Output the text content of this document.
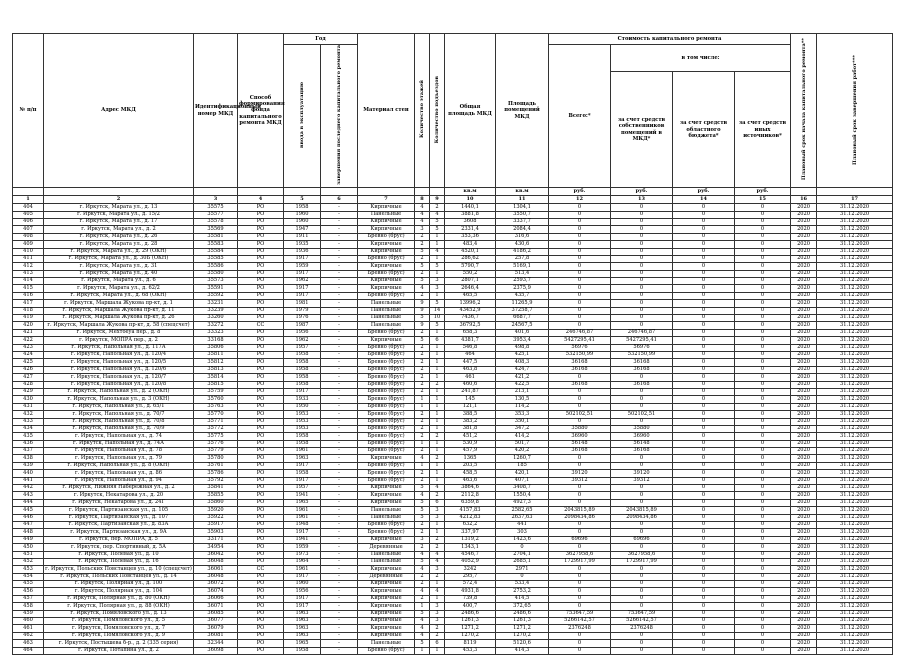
№ п/п	Адрес МКД	Идентификационный номер МКД	Способ формирования фонда капитального ремонта МКД	Год		Материал стен	Количество этажей	Количество подъездов	Общая площадь МКД	Площадь помещений МКД	Стоимость капитального ремонта				Плановый срок начала капитального ремонта**	Плановый срок завершения работ***
				ввода в эксплуатацию	завершения последнего капитального ремонта						Всего:*	в том числе:				
												за счет средств собственников помещений в МКД*	за счет средств областного бюджета*	за счет средств иных источников*		
									кв.м	кв.м	руб.	руб.	руб.	руб.		
1	2	3	4	5	6	7	8	9	10	11	12	13	14	15	16	17
404	г. Иркутск, Марата ул., д. 13	35575	РО	1958	-	Кирпичные	4	2	1440,1	1304,1	0	0	0	0	2020	31.12.2020
405	г. Иркутск, Марата ул., д. 15/2	35577	РО	1960	-	Панельные	4	4	3881,8	3550,7	0	0	0	0	2020	31.12.2020
406	г. Иркутск, Марата ул., д. 17	35578	РО	1960	-	Кирпичные	4	5	3608	3337,7	0	0	0	0	2020	31.12.2020
407	г. Иркутск, Марата ул., д. 2	35569	РО	1947	-	Кирпичные	3	5	2331,4	2084,4	0	0	0	0	2020	31.12.2020
408	г. Иркутск, Марата ул., д. 26	35581	РО	1911	-	Бревно (брус)	2	1	353,36	316,6	0	0	0	0	2020	31.12.2020
409	г. Иркутск, Марата ул., д. 28	35583	РО	1935	-	Кирпичные	2	1	483,4	430,6	0	0	0	0	2020	31.12.2020
410	г. Иркутск, Марата ул., д. 29 (ОКН)	35584	РО	1936	-	Кирпичные	5	4	4520,1	4186,2	0	0	0	0	2020	31.12.2020
411	г. Иркутск, Марата ул., д. 30Б (ОКН)	35585	РО	1917	-	Бревно (брус)	2	1	286,62	257,8	0	0	0	0	2020	31.12.2020
412	г. Иркутск, Марата ул., д. 31	35586	РО	1959	-	Кирпичные	5	5	5790,7	5169,1	0	0	0	0	2020	31.12.2020
413	г. Иркутск, Марата ул., д. 40	35580	РО	1917	-	Бревно (брус)	2	1	550,2	513,4	0	0	0	0	2020	31.12.2020
414	г. Иркутск, Марата ул., д. 6	35573	РО	1962	-	Кирпичные	5	3	2807,1	2593,7	0	0	0	0	2020	31.12.2020
415	г. Иркутск, Марата ул., д. 62/2	35591	РО	1917	-	Кирпичные	4	3	2646,4	2375,9	0	0	0	0	2020	31.12.2020
416	г. Иркутск, Марата ул., д. 68 (ОКН)	35592	РО	1917	-	Бревно (брус)	2	1	465,5	435,7	0	0	0	0	2020	31.12.2020
417	г. Иркутск, Маршала Жукова пр-кт, д. 1	33231	РО	1981	-	Панельные	9	5	13996,2	11265,9	0	0	0	0	2020	31.12.2020
418	г. Иркутск, Маршала Жукова пр-кт, д. 11	33239	РО	1979	-	Панельные	9	14	43452,9	37258,7	0	0	0	0	2020	31.12.2020
419	г. Иркутск, Маршала Жукова пр-кт, д. 26	33260	РО	1976	-	Панельные	5	10	7436,7	6687,7	0	0	0	0	2020	31.12.2020
420	г. Иркутск, Маршала Жукова пр-кт, д. 58 (спецсчет)	33272	СС	1987	-	Панельные	9	5	36792,5	24567,5	0	0	0	0	2020	31.12.2020
421	г. Иркутск, Мехтоеуа пер., д. 8	33323	РО	1956	-	Бревно (брус)	2	1	658,3	401,6	246746,87	246746,87	0	0	2020	31.12.2020
422	г. Иркутск, МОПРА пер., д. 2	33168	РО	1962	-	Кирпичные	5	6	4381,7	3953,4	5427295,41	5427295,41	0	0	2020	31.12.2020
423	г. Иркутск, Напольная ул., д. 117А	35806	РО	1957	-	Бревно (брус)	2	1	546,8	498,8	56976	56976	0	0	2020	31.12.2020
424	г. Иркутск, Напольная ул., д. 120/4	35811	РО	1958	-	Бревно (брус)	2	1	464	425,1	532150,99	532150,99	0	0	2020	31.12.2020
425	г. Иркутск, Напольная ул., д. 120/5	35812	РО	1958	-	Бревно (брус)	2	1	447,5	408,3	36168	36168	0	0	2020	31.12.2020
426	г. Иркутск, Напольная ул., д. 120/6	35813	РО	1958	-	Бревно (брус)	2	1	463,8	424,7	36168	36168	0	0	2020	31.12.2020
427	г. Иркутск, Напольная ул., д. 120/7	35814	РО	1958	-	Бревно (брус)	2	1	461	421,2	0	0	0	0	2020	31.12.2020
428	г. Иркутск, Напольная ул., д. 120/8	35815	РО	1958	-	Бревно (брус)	2	2	460,6	422,5	36168	36168	0	0	2020	31.12.2020
429	г. Иркутск, Напольная ул., д. 2 (ОКН)	35759	РО	1917	-	Бревно (брус)	2	1	241,87	213,1	0	0	0	0	2020	31.12.2020
430	г. Иркутск, Напольная ул., д. 3 (ОКН)	35760	РО	1933	-	Бревно (брус)	1	1	145	130,5	0	0	0	0	2020	31.12.2020
431	г. Иркутск, Напольная ул., д. 65/1	35763	РО	1950	-	Бревно (брус)	1	1	121,1	114,2	0	0	0	0	2020	31.12.2020
432	г. Иркутск, Напольная ул., д. 70/7	35770	РО	1953	-	Бревно (брус)	2	1	388,5	353,3	502102,51	502102,51	0	0	2020	31.12.2020
433	г. Иркутск, Напольная ул., д. 70/8	35771	РО	1953	-	Бревно (брус)	2	1	383,2	350,1	0	0	0	0	2020	31.12.2020
434	г. Иркутск, Напольная ул., д. 70/9	35772	РО	1953	-	Бревно (брус)	2	1	381,8	347,2	35880	35880	0	0	2020	31.12.2020
435	г. Иркутск, Напольная ул., д. 74	35775	РО	1958	-	Бревно (брус)	2	2	451,2	414,2	36960	36960	0	0	2020	31.12.2020
436	г. Иркутск, Напольная ул., д. 74А	35776	РО	1958	-	Бревно (брус)	1	1	530,9	501,7	56148	56148	0	0	2020	31.12.2020
437	г. Иркутск, Напольная ул., д. 78	35779	РО	1961	-	Бревно (брус)	2	1	457,9	420,2	36168	36168	0	0	2020	31.12.2020
438	г. Иркутск, Напольная ул., д. 79	35780	РО	1963	-	Кирпичные	4	2	1365	1260,7	0	0	0	0	2020	31.12.2020
439	г. Иркутск, Напольная ул., д. 8 (ОКН)	35761	РО	1917	-	Бревно (брус)	1	1	203,5	185	0	0	0	0	2020	31.12.2020
440	г. Иркутск, Напольная ул., д. 86	35786	РО	1958	-	Бревно (брус)	2	1	458,5	420,1	39120	39120	0	0	2020	31.12.2020
441	г. Иркутск, Напольная ул., д. 94	35792	РО	1917	-	Бревно (брус)	2	1	463,6	407,1	39312	39312	0	0	2020	31.12.2020
442	г. Иркутск, Нижняя Набережная ул., д. 2	35841	РО	1957	-	Кирпичные	5	4	3864,6	3408,7	0	0	0	0	2020	31.12.2020
443	г. Иркутск, Некатарова ул., д. 20	35855	РО	1941	-	Кирпичные	4	2	2112,8	1550,4	0	0	0	0	2020	31.12.2020
444	г. Иркутск, Некатарова ул., д. 24Г	35860	РО	1965	-	Кирпичные	5	6	6359,8	4927,3	0	0	0	0	2020	31.12.2020
445	г. Иркутск, Партизанская ул., д. 105	35920	РО	1961	-	Панельные	5	3	4157,83	2582,65	2043815,89	2043815,89	0	0	2020	31.12.2020
446	г. Иркутск, Партизанская ул., д. 107	35922	РО	1961	-	Панельные	5	3	4212,83	2637,63	2098434,86	2098434,86	0	0	2020	31.12.2020
447	г. Иркутск, Партизанская ул., д. 83А	35917	РО	1948	-	Бревно (брус)	2	1	632,2	441	0	0	0	0	2020	31.12.2020
448	г. Иркутск, Партизанская ул., д. 9А	35903	РО	1917	-	Бревно (брус)	2	1	337,97	303	0	0	0	0	2020	31.12.2020
449	г. Иркутск, пер. МОПРА, д. 5	33171	РО	1941	-	Кирпичные	3	2	1319,2	1423,6	69696	69696	0	0	2020	31.12.2020
450	г. Иркутск, пер. Спортивный, д. 5А	34954	РО	1959	-	Деревянные	2	2	1343,1	0	0	0	0	0	2020	31.12.2020
451	г. Иркутск, Полевая ул., д. 10	36042	РО	1973	-	Панельные	4	4	4546,7	2704,1	3627958,6	3627958,6	0	0	2020	31.12.2020
452	г. Иркутск, Полевая ул., д. 16	36048	РО	1964	-	Панельные	5	4	4052,9	2685,1	1729917,99	1729917,99	0	0	2020	31.12.2020
453	г. Иркутск, Польских Повстанцев ул., д. 10 (спецсчет)	36061	СС	1961	-	Кирпичные	4	3	3242	2971	0	0	0	0	2020	31.12.2020
454	г. Иркутск, Польских Повстанцев ул., д. 14	36048	РО	1917	-	Деревянные	2	2	295,7	0	0	0	0	0	2020	31.12.2020
455	г. Иркутск, Полярная ул., д. 100	36072	РО	1960	-	Кирпичные	2	1	572,4	533,4	0	0	0	0	2020	31.12.2020
456	г. Иркутск, Полярная ул., д. 104	36074	РО	1956	-	Кирпичные	4	4	4931,8	2753,2	0	0	0	0	2020	31.12.2020
457	г. Иркутск, Полярная ул., д. 80 (ОКН)	36066	РО	1917	-	Кирпичные	2	1	739,8	414,5	0	0	0	0	2020	31.12.2020
458	г. Иркутск, Полярная ул., д. 88 (ОКН)	36071	РО	1917	-	Кирпичные	1	3	400,7	372,65	0	0	0	0	2020	31.12.2020
459	г. Иркутск, Помяловского ул., д. 13	36085	РО	1963	-	Кирпичные	5	3	2486,6	2486,6	753647,59	753647,59	0	0	2020	31.12.2020
460	г. Иркутск, Помяловского ул., д. 5	36077	РО	1963	-	Кирпичные	4	3	1261,3	1261,3	5266142,57	5266142,57	0	0	2020	31.12.2020
461	г. Иркутск, Помяловского ул., д. 7	36079	РО	1963	-	Кирпичные	4	2	1271,2	1271,2	2376248	2376248	0	0	2020	31.12.2020
462	г. Иркутск, Помяловского ул., д. 9	36081	РО	1963	-	Кирпичные	4	2	1270,2	1270,2	0	0	0	0	2020	31.12.2020
463	г. Иркутск, Постышева б-р., д. 2 (335 серия)	32344	РО	1965	-	Панельные	5	6	8119	5120,6	0	0	0	0	2020	31.12.2020
464	г. Иркутск, Потапина ул., д. 2	36098	РО	1958	-	Бревно (брус)	1	1	453,3	414,3	0	0	0	0	2020	31.12.2020
